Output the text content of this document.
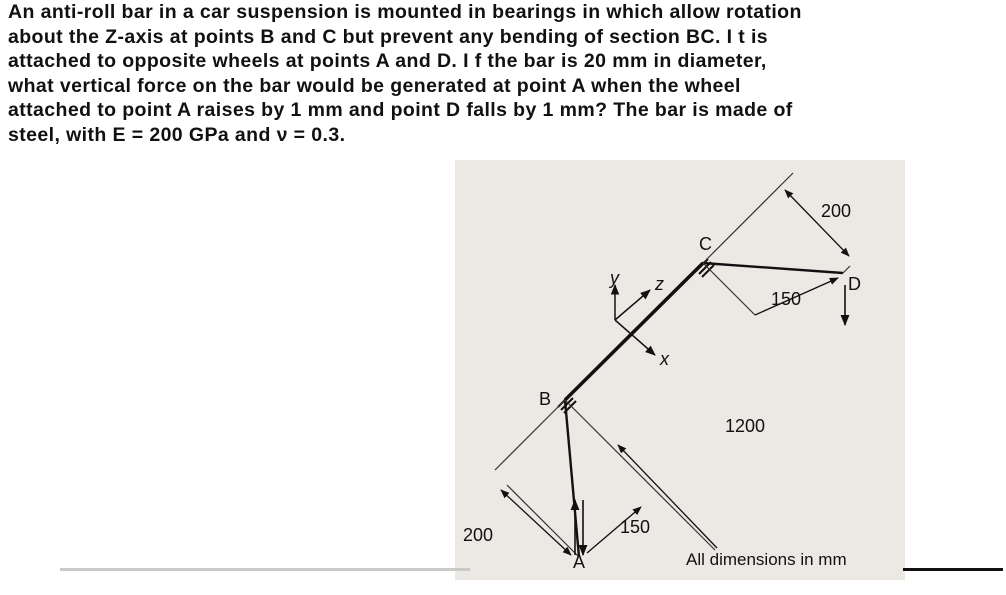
An anti-roll bar in a car suspension is mounted in bearings in which allow rotation
about the Z-axis at points B and C but prevent any bending of section BC. I t is
attached to opposite wheels at points A and D. I f the bar is 20 mm in diameter,
what vertical force on the bar would be generated at point A when the wheel
attached to point A raises by 1 mm and point D falls by 1 mm? The bar is made of
steel, with E = 200 GPa and ν = 0.3.
A
B
C
D
y z
x
200
150
1200
200	150
All dimensions in mm
